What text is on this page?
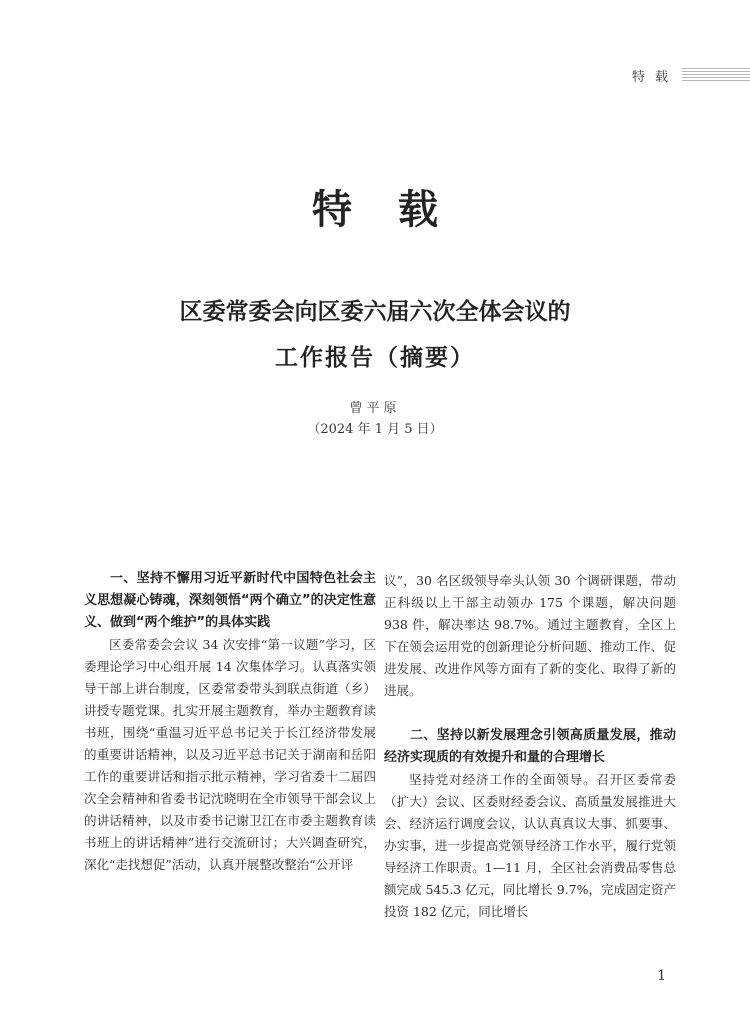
特载
特载
区委常委会向区委六届六次全体会议的
工作报告（摘要）
曾平原
（2024 年 1 月 5 日）

一、坚持不懈用习近平新时代中国特色社会主义思想凝心铸魂，深刻领悟“两个确立”的决定性意义、做到“两个维护”的具体实践

区委常委会会议 34 次安排“第一议题”学习，区委理论学习中心组开展 14 次集体学习。认真落实领导干部上讲台制度，区委常委带头到联点街道（乡）讲授专题党课。扎实开展主题教育，举办主题教育读书班，围绕“重温习近平总书记关于长江经济带发展的重要讲话精神，以及习近平总书记关于湖南和岳阳工作的重要讲话和指示批示精神，学习省委十二届四次全会精神和省委书记沈晓明在全市领导干部会议上的讲话精神，以及市委书记谢卫江在市委主题教育读书班上的讲话精神”进行交流研讨；大兴调查研究，深化“走找想促”活动，认真开展整改整治“公开评

议”，30 名区级领导牵头认领 30 个调研课题，带动正科级以上干部主动领办 175 个课题，解决问题 938 件，解决率达 98.7%。通过主题教育，全区上下在领会运用党的创新理论分析问题、推动工作、促进发展、改进作风等方面有了新的变化、取得了新的进展。

二、坚持以新发展理念引领高质量发展，推动经济实现质的有效提升和量的合理增长

坚持党对经济工作的全面领导。召开区委常委（扩大）会议、区委财经委会议、高质量发展推进大会、经济运行调度会议，认认真真议大事、抓要事、办实事，进一步提高党领导经济工作水平，履行党领导经济工作职责。1—11 月，全区社会消费品零售总额完成 545.3 亿元，同比增长 9.7%，完成固定资产投资 182 亿元，同比增长

1
